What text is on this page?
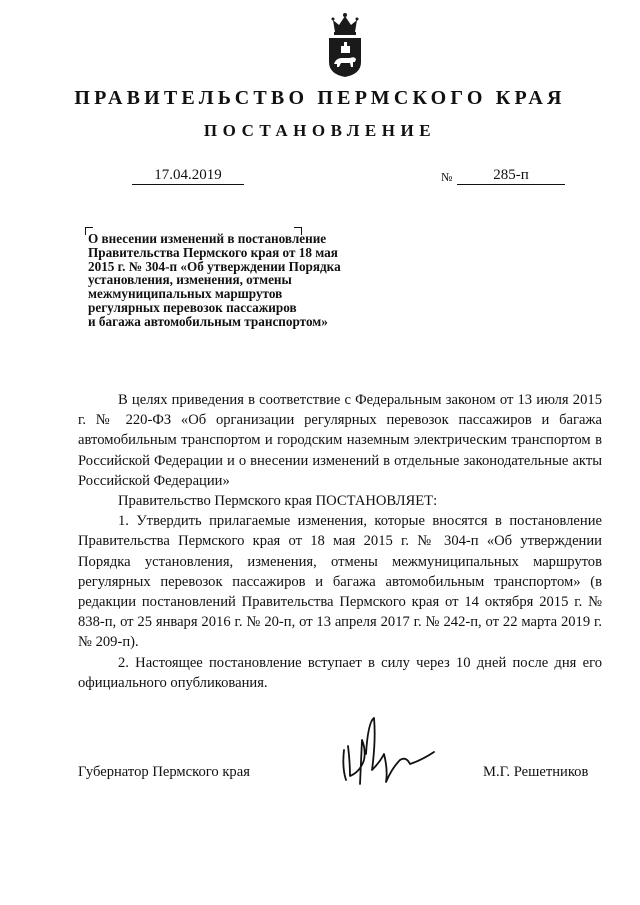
ПРАВИТЕЛЬСТВО ПЕРМСКОГО КРАЯ
ПОСТАНОВЛЕНИЕ
17.04.2019	№	285-п
О внесении изменений в постановление
Правительства Пермского края от 18 мая
2015 г. № 304-п «Об утверждении Порядка
установления, изменения, отмены
межмуниципальных маршрутов
регулярных перевозок пассажиров
и багажа автомобильным транспортом»

В целях приведения в соответствие с Федеральным законом от 13 июля 2015 г. № 220-ФЗ «Об организации регулярных перевозок пассажиров и багажа автомобильным транспортом и городским наземным электрическим транспортом в Российской Федерации и о внесении изменений в отдельные законодательные акты Российской Федерации»

Правительство Пермского края ПОСТАНОВЛЯЕТ:

1. Утвердить прилагаемые изменения, которые вносятся в постановление Правительства Пермского края от 18 мая 2015 г. № 304-п «Об утверждении Порядка установления, изменения, отмены межмуниципальных маршрутов регулярных перевозок пассажиров и багажа автомобильным транспортом» (в редакции постановлений Правительства Пермского края от 14 октября 2015 г. № 838-п, от 25 января 2016 г. № 20-п, от 13 апреля 2017 г. № 242-п, от 22 марта 2019 г. № 209-п).

2. Настоящее постановление вступает в силу через 10 дней после дня его официального опубликования.

Губернатор Пермского края	М.Г. Решетников
